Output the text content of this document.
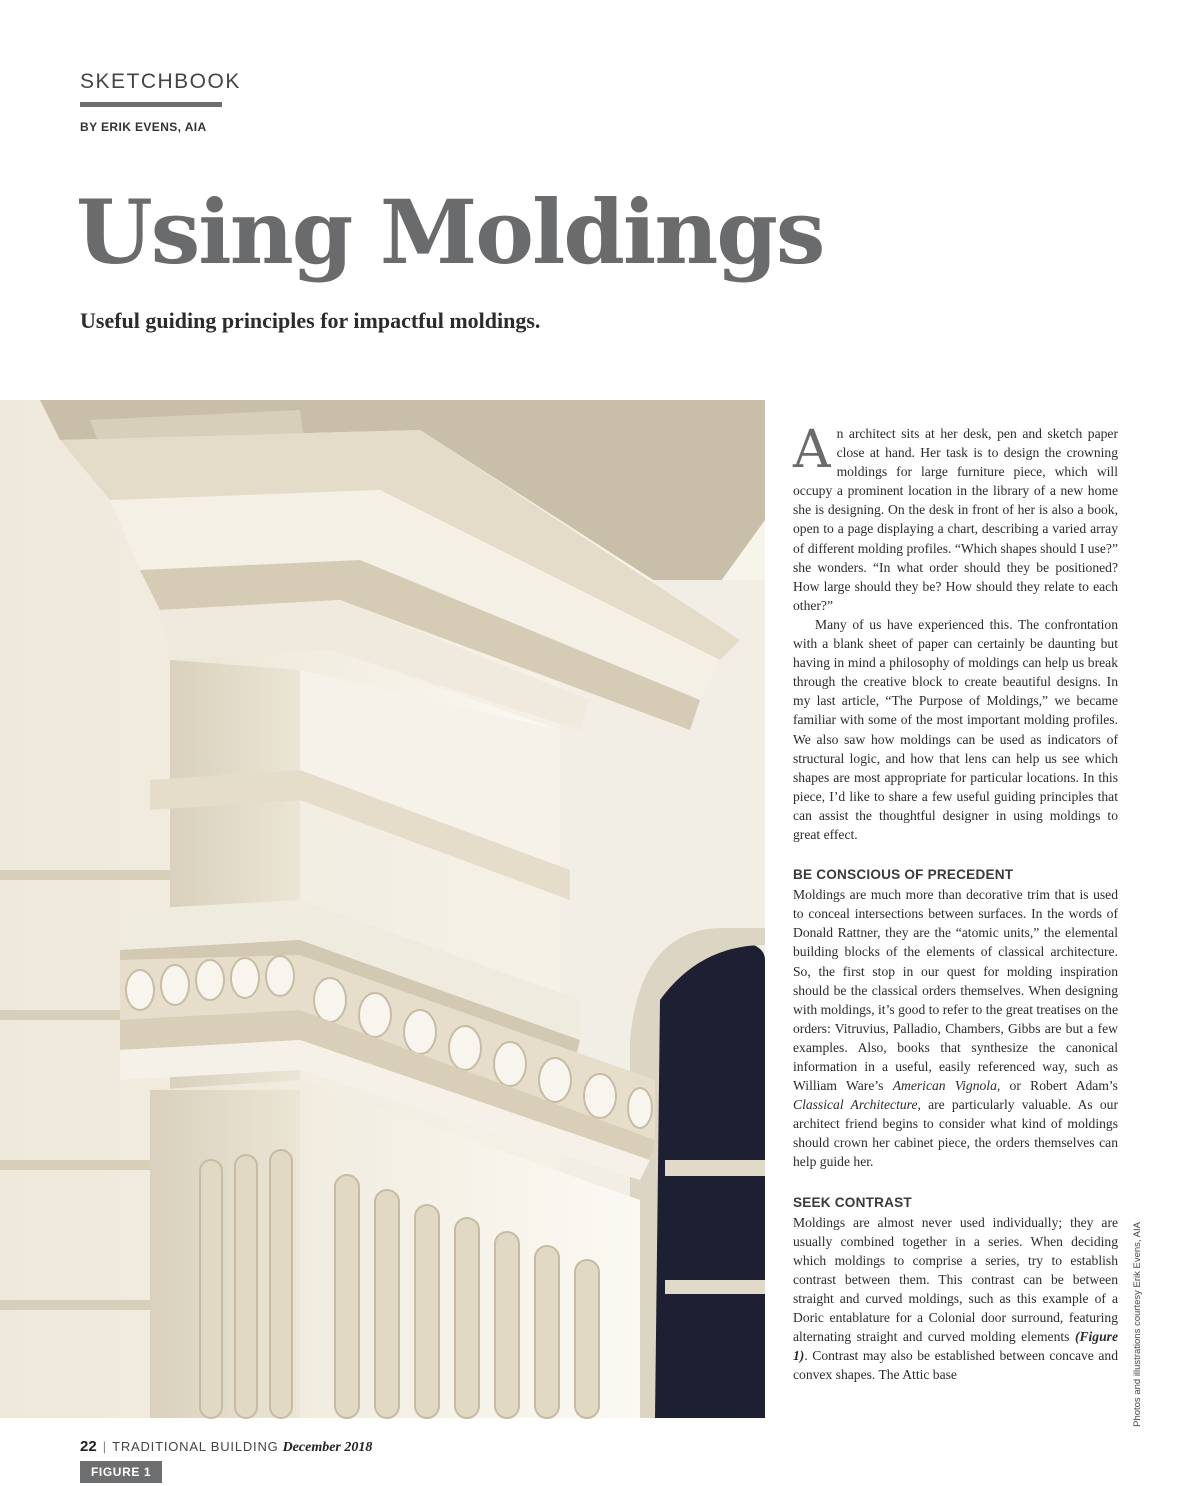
SKETCHBOOK
BY ERIK EVENS, AIA
Using Moldings

Useful guiding principles for impactful moldings.

FIGURE 1

An architect sits at her desk, pen and sketch paper close at hand. Her task is to design the crowning moldings for large furniture piece, which will occupy a prominent location in the library of a new home she is designing. On the desk in front of her is also a book, open to a page displaying a chart, describing a varied array of different molding profiles. “Which shapes should I use?” she wonders. “In what order should they be positioned? How large should they be? How should they relate to each other?”

Many of us have experienced this. The confrontation with a blank sheet of paper can certainly be daunting but having in mind a philosophy of moldings can help us break through the creative block to create beautiful designs. In my last article, “The Purpose of Moldings,” we became familiar with some of the most important molding profiles. We also saw how moldings can be used as indicators of structural logic, and how that lens can help us see which shapes are most appropriate for particular locations. In this piece, I’d like to share a few useful guiding principles that can assist the thoughtful designer in using moldings to great effect.

BE CONSCIOUS OF PRECEDENT

Moldings are much more than decorative trim that is used to conceal intersections between surfaces. In the words of Donald Rattner, they are the “atomic units,” the elemental building blocks of the elements of classical architecture. So, the first stop in our quest for molding inspiration should be the classical orders themselves. When designing with moldings, it’s good to refer to the great treatises on the orders: Vitruvius, Palladio, Chambers, Gibbs are but a few examples. Also, books that synthesize the canonical information in a useful, easily referenced way, such as William Ware’s American Vignola, or Robert Adam’s Classical Architecture, are particularly valuable. As our architect friend begins to consider what kind of moldings should crown her cabinet piece, the orders themselves can help guide her.

SEEK CONTRAST

Moldings are almost never used individually; they are usually combined together in a series. When deciding which moldings to comprise a series, try to establish contrast between them. This contrast can be between straight and curved moldings, such as this example of a Doric entablature for a Colonial door surround, featuring alternating straight and curved molding elements (Figure 1). Contrast may also be established between concave and convex shapes. The Attic base	Photos and illustrations courtesy Erik Evens, AIA
22 | TRADITIONAL BUILDING December 2018
